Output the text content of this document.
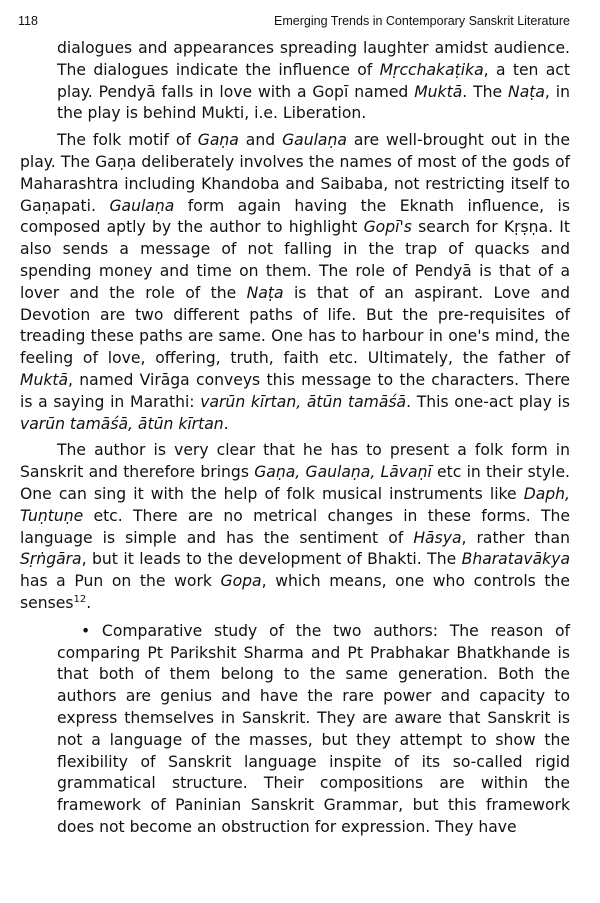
118	Emerging Trends in Contemporary Sanskrit Literature

dialogues and appearances spreading laughter amidst audience. The dialogues indicate the influence of Mṛcchakaṭika, a ten act play. Pendyā falls in love with a Gopī named Muktā. The Naṭa, in the play is behind Mukti, i.e. Liberation.

The folk motif of Gaṇa and Gaulaṇa are well-brought out in the play. The Gaṇa deliberately involves the names of most of the gods of Maharashtra including Khandoba and Saibaba, not restricting itself to Gaṇapati. Gaulaṇa form again having the Eknath influence, is composed aptly by the author to highlight Gopī's search for Kṛṣṇa. It also sends a message of not falling in the trap of quacks and spending money and time on them. The role of Pendyā is that of a lover and the role of the Naṭa is that of an aspirant. Love and Devotion are two different paths of life. But the pre-requisites of treading these paths are same. One has to harbour in one's mind, the feeling of love, offering, truth, faith etc. Ultimately, the father of Muktā, named Virāga conveys this message to the characters. There is a saying in Marathi: varūn kīrtan, ātūn tamāśā. This one-act play is varūn tamāśā, ātūn kīrtan.

The author is very clear that he has to present a folk form in Sanskrit and therefore brings Gaṇa, Gaulaṇa, Lāvaṇī etc in their style. One can sing it with the help of folk musical instruments like Daph, Tuṇtuṇe etc. There are no metrical changes in these forms. The language is simple and has the sentiment of Hāsya, rather than Sṛṅgāra, but it leads to the development of Bhakti. The Bharatavākya has a Pun on the work Gopa, which means, one who controls the senses$^{12}$.

• Comparative study of the two authors: The reason of comparing Pt Parikshit Sharma and Pt Prabhakar Bhatkhande is that both of them belong to the same generation. Both the authors are genius and have the rare power and capacity to express themselves in Sanskrit. They are aware that Sanskrit is not a language of the masses, but they attempt to show the flexibility of Sanskrit language inspite of its so-called rigid grammatical structure. Their compositions are within the framework of Paninian Sanskrit Grammar, but this framework does not become an obstruction for expression. They have
